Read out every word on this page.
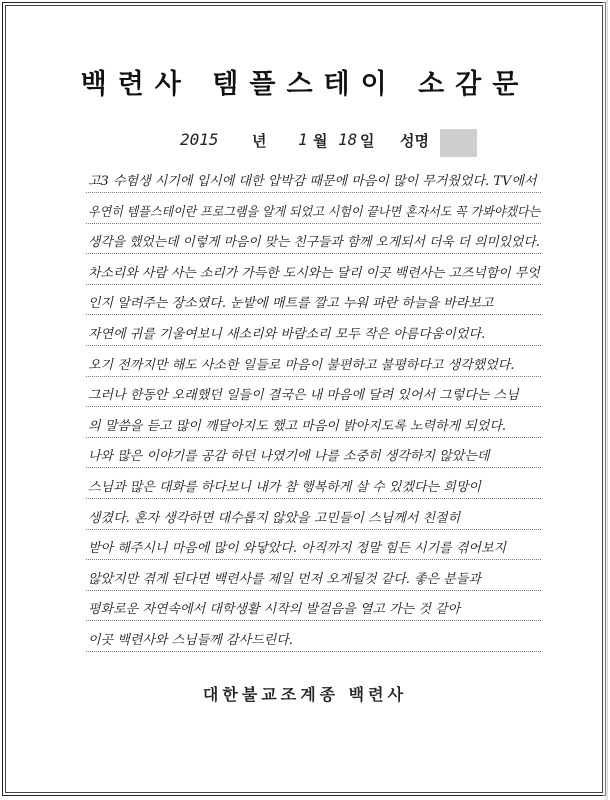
백련사 템플스테이 소감문
2015 년 1 월 18 일 성명
고3 수험생 시기에 입시에 대한 압박감 때문에 마음이 많이 무거웠었다. TV에서
우연히 템플스테이란 프로그램을 알게 되었고 시험이 끝나면 혼자서도 꼭 가봐야겠다는
생각을 했었는데 이렇게 마음이 맞는 친구들과 함께 오게되서 더욱 더 의미있었다.
차소리와 사람 사는 소리가 가득한 도시와는 달리 이곳 백련사는 고즈넉함이 무엇
인지 알려주는 장소였다. 눈밭에 매트를 깔고 누워 파란 하늘을 바라보고
자연에 귀를 기울여보니 새소리와 바람소리 모두 작은 아름다움이었다.
오기 전까지만 해도 사소한 일들로 마음이 불편하고 불평하다고 생각했었다.
그러나 한동안 오래했던 일들이 결국은 내 마음에 달려 있어서 그렇다는 스님
의 말씀을 듣고 많이 깨달아지도 했고 마음이 밝아지도록 노력하게 되었다.
나와 많은 이야기를 공감 하던 나였기에 나를 소중히 생각하지 않았는데
스님과 많은 대화를 하다보니 내가 참 행복하게 살 수 있겠다는 희망이
생겼다. 혼자 생각하면 대수롭지 않았을 고민들이 스님께서 친절히
받아 해주시니 마음에 많이 와닿았다. 아직까지 정말 힘든 시기를 겪어보지
않았지만 겪게 된다면 백련사를 제일 먼저 오게될것 같다. 좋은 분들과
평화로운 자연속에서 대학생활 시작의 발걸음을 열고 가는 것 같아
이곳 백련사와 스님들께 감사드린다.
대한불교조계종 백련사
